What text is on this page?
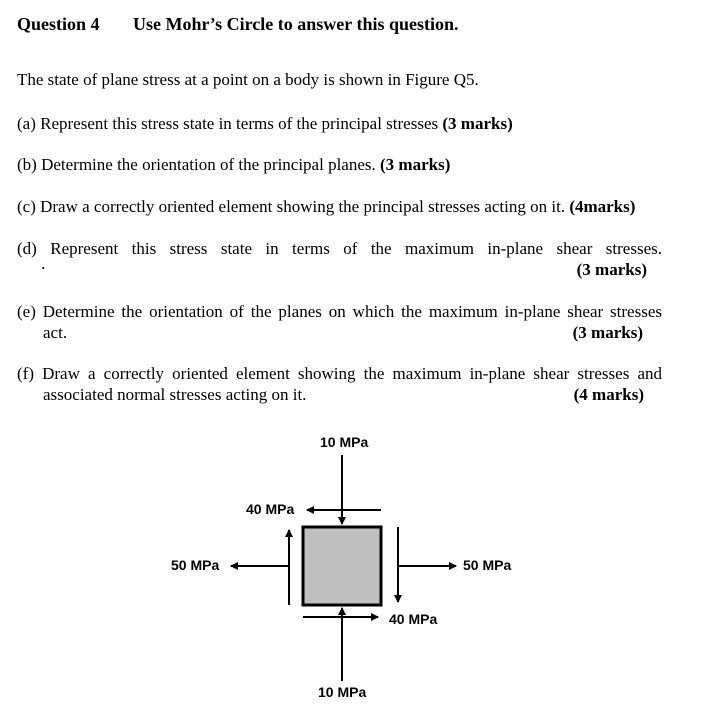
Question 4 Use Mohr’s Circle to answer this question.
The state of plane stress at a point on a body is shown in Figure Q5.
(a) Represent this stress state in terms of the principal stresses (3 marks)
(b) Determine the orientation of the principal planes. (3 marks)
(c) Draw a correctly oriented element showing the principal stresses acting on it. (4marks)
(d) Represent this stress state in terms of the maximum in-plane shear stresses.
.	(3 marks)
(e) Determine the orientation of the planes on which the maximum in-plane shear stresses
act.	(3 marks)
(f) Draw a correctly oriented element showing the maximum in-plane shear stresses and
associated normal stresses acting on it.	(4 marks)
10 MPa
40 MPa
50 MPa	50 MPa
40 MPa
10 MPa
